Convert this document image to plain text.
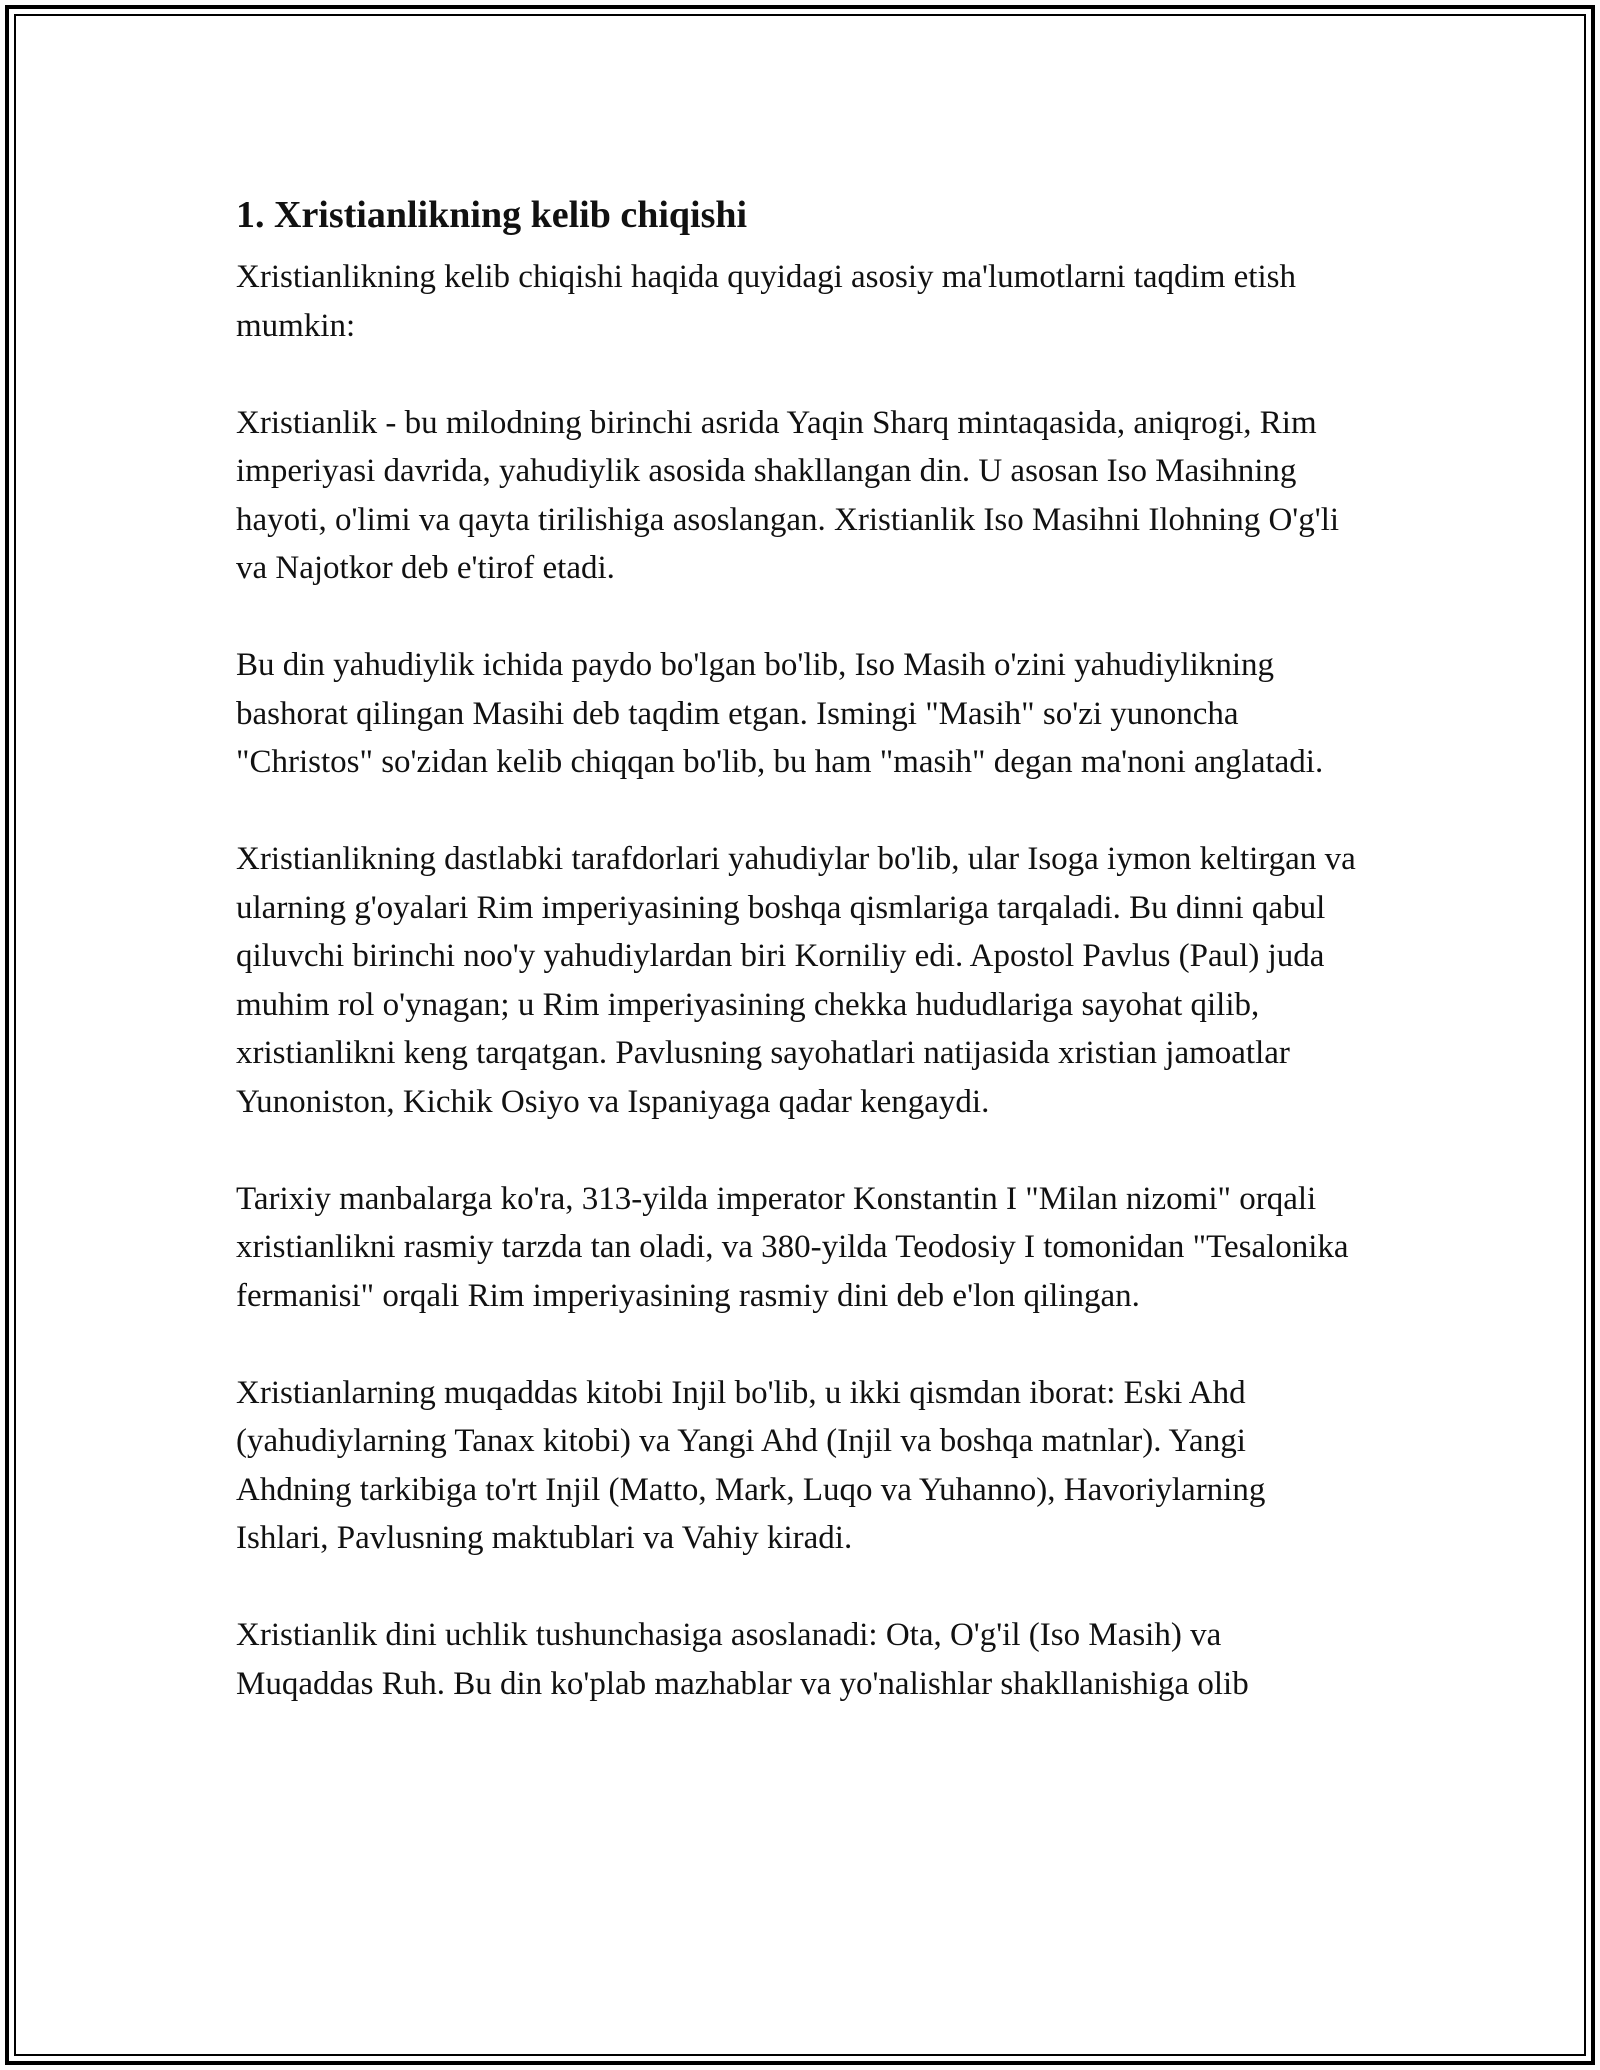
1. Xristianlikning kelib chiqishi

Xristianlikning kelib chiqishi haqida quyidagi asosiy ma'lumotlarni taqdim etish mumkin:

Xristianlik - bu milodning birinchi asrida Yaqin Sharq mintaqasida, aniqrogi, Rim imperiyasi davrida, yahudiylik asosida shakllangan din. U asosan Iso Masihning hayoti, o'limi va qayta tirilishiga asoslangan. Xristianlik Iso Masihni Ilohning O'g'li va Najotkor deb e'tirof etadi.

Bu din yahudiylik ichida paydo bo'lgan bo'lib, Iso Masih o'zini yahudiylikning bashorat qilingan Masihi deb taqdim etgan. Ismingi "Masih" so'zi yunoncha "Christos" so'zidan kelib chiqqan bo'lib, bu ham "masih" degan ma'noni anglatadi.

Xristianlikning dastlabki tarafdorlari yahudiylar bo'lib, ular Isoga iymon keltirgan va ularning g'oyalari Rim imperiyasining boshqa qismlariga tarqaladi. Bu dinni qabul qiluvchi birinchi noo'y yahudiylardan biri Korniliy edi. Apostol Pavlus (Paul) juda muhim rol o'ynagan; u Rim imperiyasining chekka hududlariga sayohat qilib, xristianlikni keng tarqatgan. Pavlusning sayohatlari natijasida xristian jamoatlar Yunoniston, Kichik Osiyo va Ispaniyaga qadar kengaydi.

Tarixiy manbalarga ko'ra, 313-yilda imperator Konstantin I "Milan nizomi" orqali xristianlikni rasmiy tarzda tan oladi, va 380-yilda Teodosiy I tomonidan "Tesalonika fermanisi" orqali Rim imperiyasining rasmiy dini deb e'lon qilingan.

Xristianlarning muqaddas kitobi Injil bo'lib, u ikki qismdan iborat: Eski Ahd (yahudiylarning Tanax kitobi) va Yangi Ahd (Injil va boshqa matnlar). Yangi Ahdning tarkibiga to'rt Injil (Matto, Mark, Luqo va Yuhanno), Havoriylarning Ishlari, Pavlusning maktublari va Vahiy kiradi.

Xristianlik dini uchlik tushunchasiga asoslanadi: Ota, O'g'il (Iso Masih) va Muqaddas Ruh. Bu din ko'plab mazhablar va yo'nalishlar shakllanishiga olib
